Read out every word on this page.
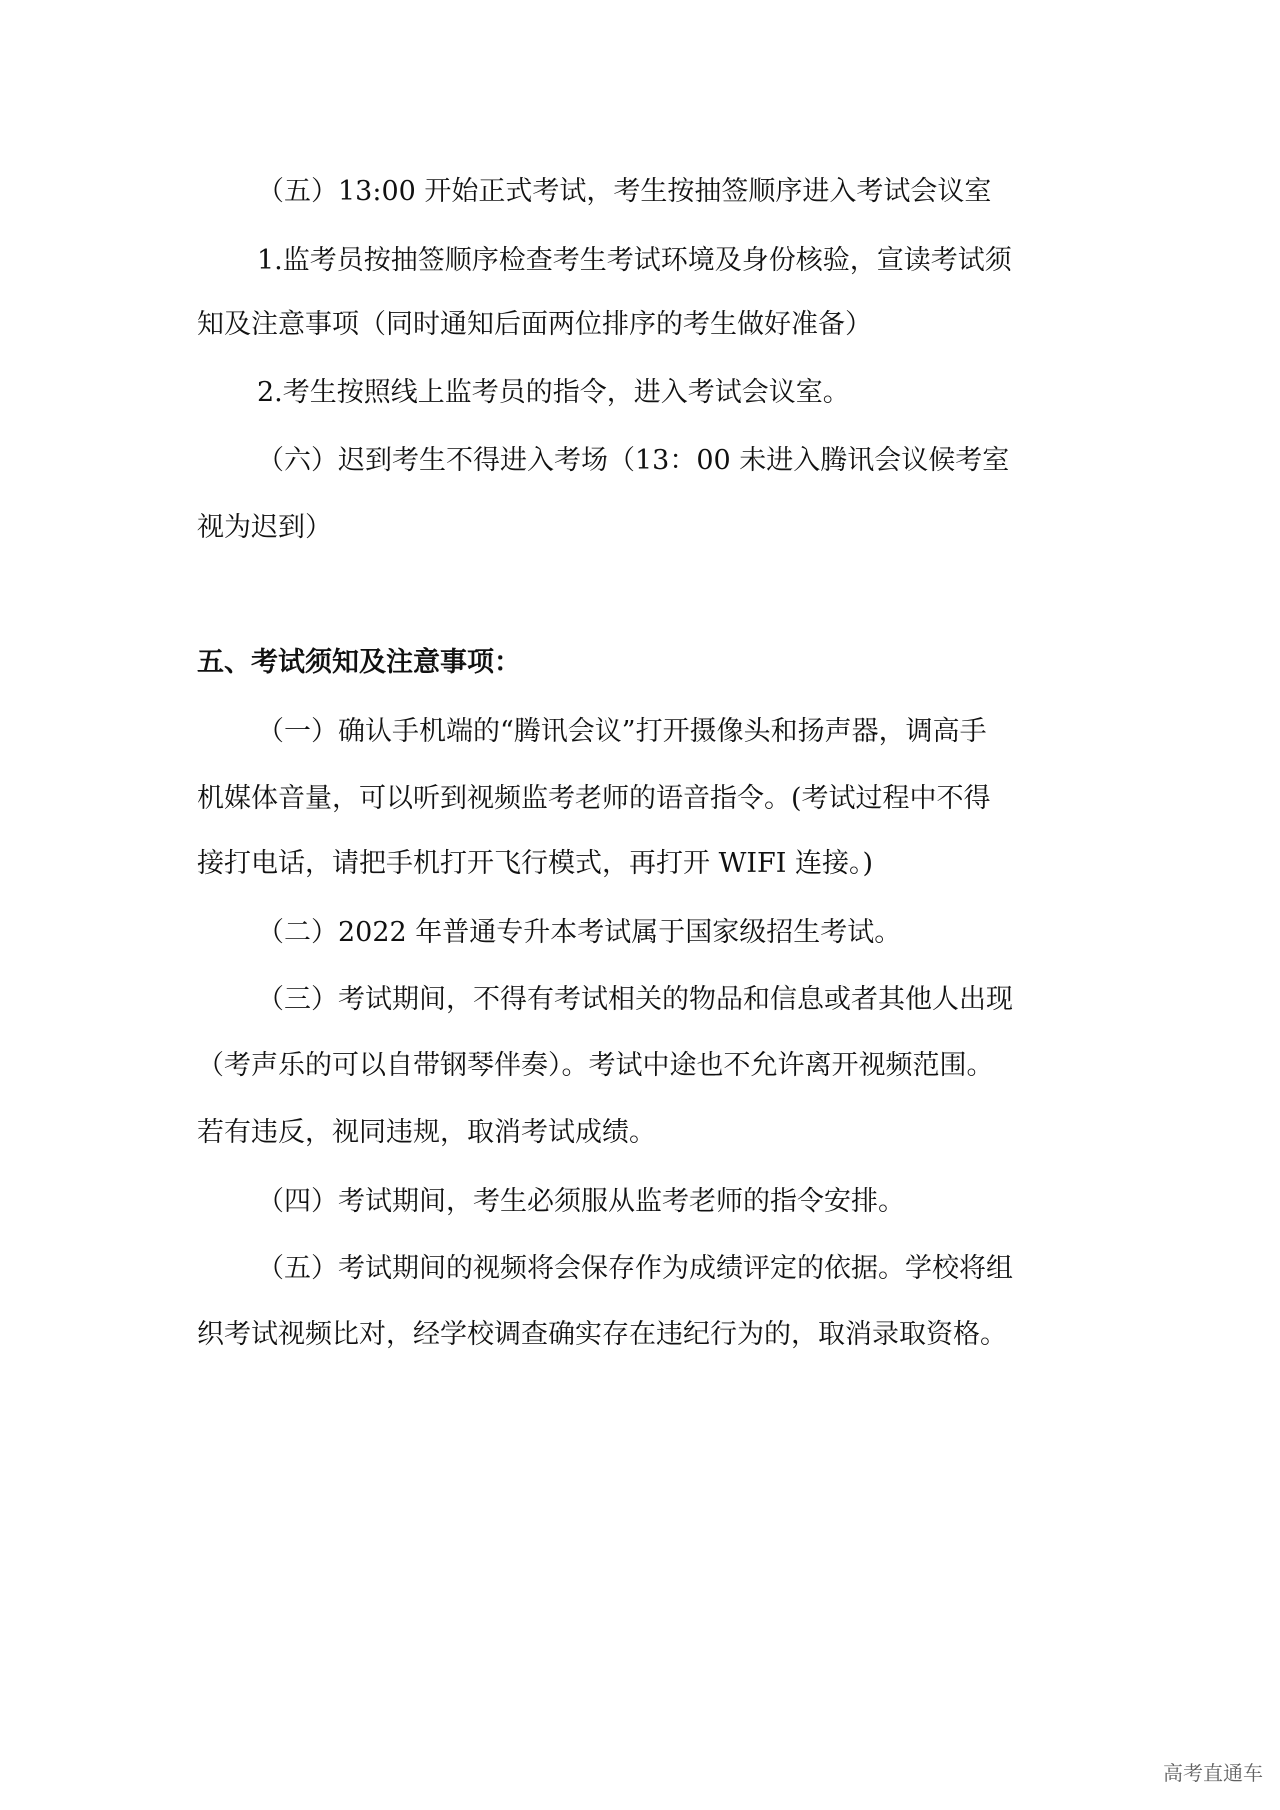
（五）13:00 开始正式考试，考生按抽签顺序进入考试会议室
1.监考员按抽签顺序检查考生考试环境及身份核验，宣读考试须
知及注意事项（同时通知后面两位排序的考生做好准备）
2.考生按照线上监考员的指令，进入考试会议室。
（六）迟到考生不得进入考场（13：00 未进入腾讯会议候考室
视为迟到）
五、考试须知及注意事项：
（一）确认手机端的“腾讯会议”打开摄像头和扬声器，调高手
机媒体音量，可以听到视频监考老师的语音指令。(考试过程中不得
接打电话，请把手机打开飞行模式，再打开 WIFI 连接。)
（二）2022 年普通专升本考试属于国家级招生考试。
（三）考试期间，不得有考试相关的物品和信息或者其他人出现
（考声乐的可以自带钢琴伴奏）。考试中途也不允许离开视频范围。
若有违反，视同违规，取消考试成绩。
（四）考试期间，考生必须服从监考老师的指令安排。
（五）考试期间的视频将会保存作为成绩评定的依据。学校将组
织考试视频比对，经学校调查确实存在违纪行为的，取消录取资格。
高考直通车
